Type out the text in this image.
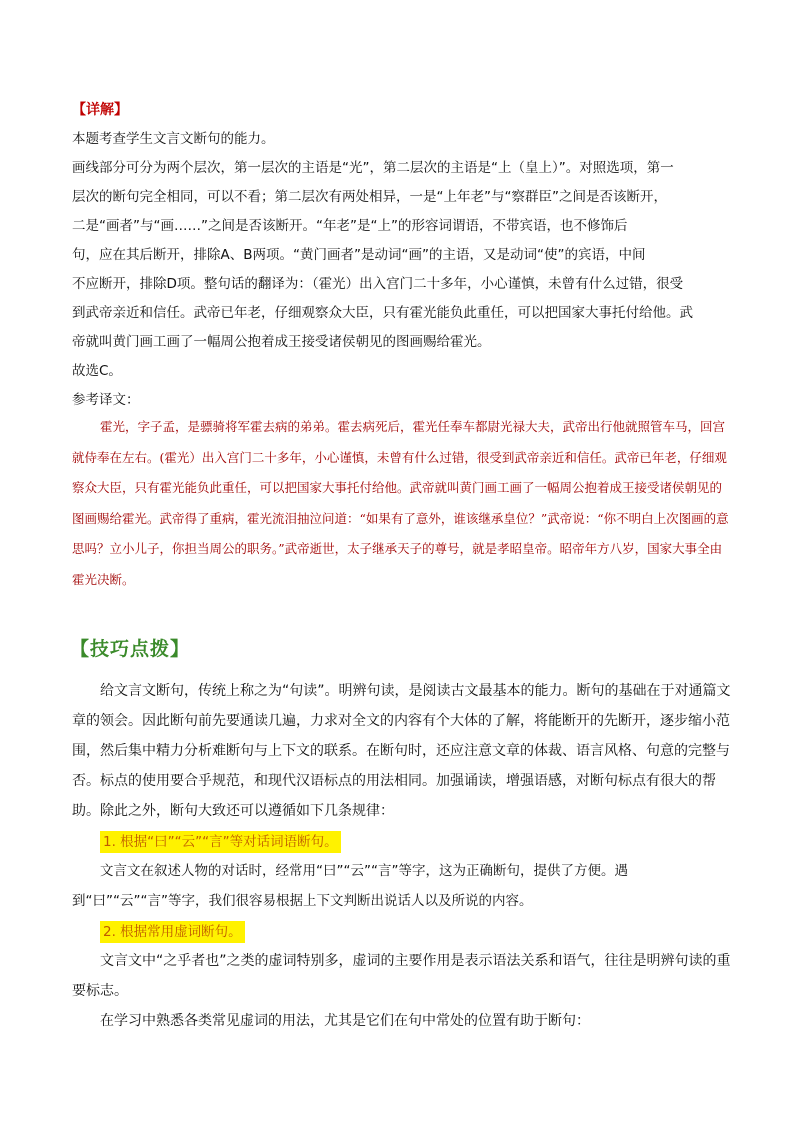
【详解】

本题考查学生文言文断句的能力。

画线部分可分为两个层次，第一层次的主语是“光”，第二层次的主语是“上（皇上）”。对照选项，第一

层次的断句完全相同，可以不看；第二层次有两处相异，一是“上年老”与“察群臣”之间是否该断开，

二是“画者”与“画……”之间是否该断开。“年老”是“上”的形容词谓语，不带宾语，也不修饰后

句，应在其后断开，排除A、B两项。“黄门画者”是动词“画”的主语，又是动词“使”的宾语，中间

不应断开，排除D项。整句话的翻译为：（霍光）出入宫门二十多年，小心谨慎，未曾有什么过错，很受

到武帝亲近和信任。武帝已年老，仔细观察众大臣，只有霍光能负此重任，可以把国家大事托付给他。武

帝就叫黄门画工画了一幅周公抱着成王接受诸侯朝见的图画赐给霍光。

故选C。

参考译文：

霍光，字子孟，是骠骑将军霍去病的弟弟。霍去病死后，霍光任奉车都尉光禄大夫，武帝出行他就照管车马，回宫就侍奉在左右。(霍光）出入宫门二十多年，小心谨慎，未曾有什么过错，很受到武帝亲近和信任。武帝已年老，仔细观察众大臣，只有霍光能负此重任，可以把国家大事托付给他。武帝就叫黄门画工画了一幅周公抱着成王接受诸侯朝见的图画赐给霍光。武帝得了重病，霍光流泪抽泣问道：“如果有了意外，谁该继承皇位？”武帝说：“你不明白上次图画的意思吗？立小儿子，你担当周公的职务。”武帝逝世，太子继承天子的尊号，就是孝昭皇帝。昭帝年方八岁，国家大事全由霍光决断。

【技巧点拨】

给文言文断句，传统上称之为“句读”。明辨句读，是阅读古文最基本的能力。断句的基础在于对通篇文章的领会。因此断句前先要通读几遍，力求对全文的内容有个大体的了解，将能断开的先断开，逐步缩小范围，然后集中精力分析难断句与上下文的联系。在断句时，还应注意文章的体裁、语言风格、句意的完整与否。标点的使用要合乎规范，和现代汉语标点的用法相同。加强诵读，增强语感，对断句标点有很大的帮助。除此之外，断句大致还可以遵循如下几条规律：

1. 根据“曰”“云”“言”等对话词语断句。

文言文在叙述人物的对话时，经常用“曰”“云”“言”等字，这为正确断句，提供了方便。遇到“曰”“云”“言”等字，我们很容易根据上下文判断出说话人以及所说的内容。

2. 根据常用虚词断句。

文言文中“之乎者也”之类的虚词特别多，虚词的主要作用是表示语法关系和语气，往往是明辨句读的重要标志。

在学习中熟悉各类常见虚词的用法，尤其是它们在句中常处的位置有助于断句：
